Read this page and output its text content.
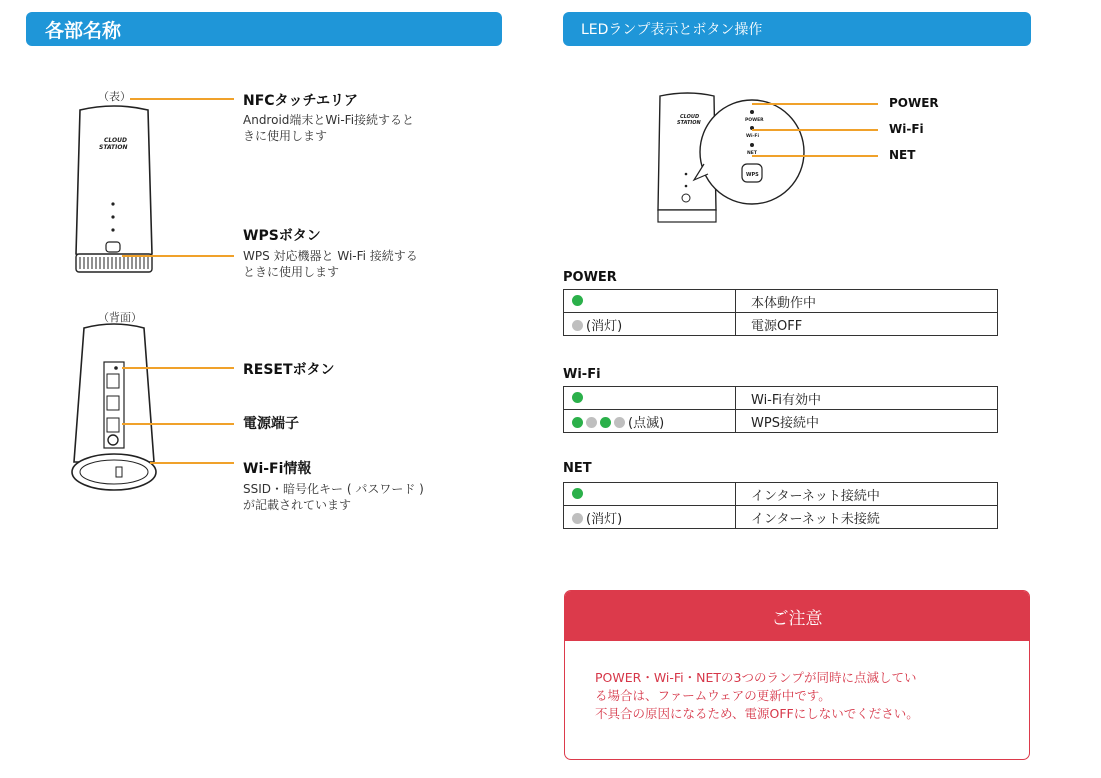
各部名称	LEDランプ表示とボタン操作
（表）
CLOUD
STATION
（背面）
NFCタッチエリア
Android端末とWi-Fi接続すると
きに使用します
WPSボタン
WPS 対応機器と Wi-Fi 接続する
ときに使用します
RESETボタン
電源端子
Wi-Fi情報
SSID・暗号化キー ( パスワード )
が記載されています
CLOUD
STATION	POWER
Wi-Fi
NET
WPS
POWER
Wi-Fi
NET
POWER
	本体動作中
(消灯)	電源OFF
Wi-Fi
	Wi-Fi有効中
(点滅)	WPS接続中
NET
	インターネット接続中
(消灯)	インターネット未接続
ご注意
POWER・Wi-Fi・NETの3つのランプが同時に点滅してい
る場合は、ファームウェアの更新中です。
不具合の原因になるため、電源OFFにしないでください。
